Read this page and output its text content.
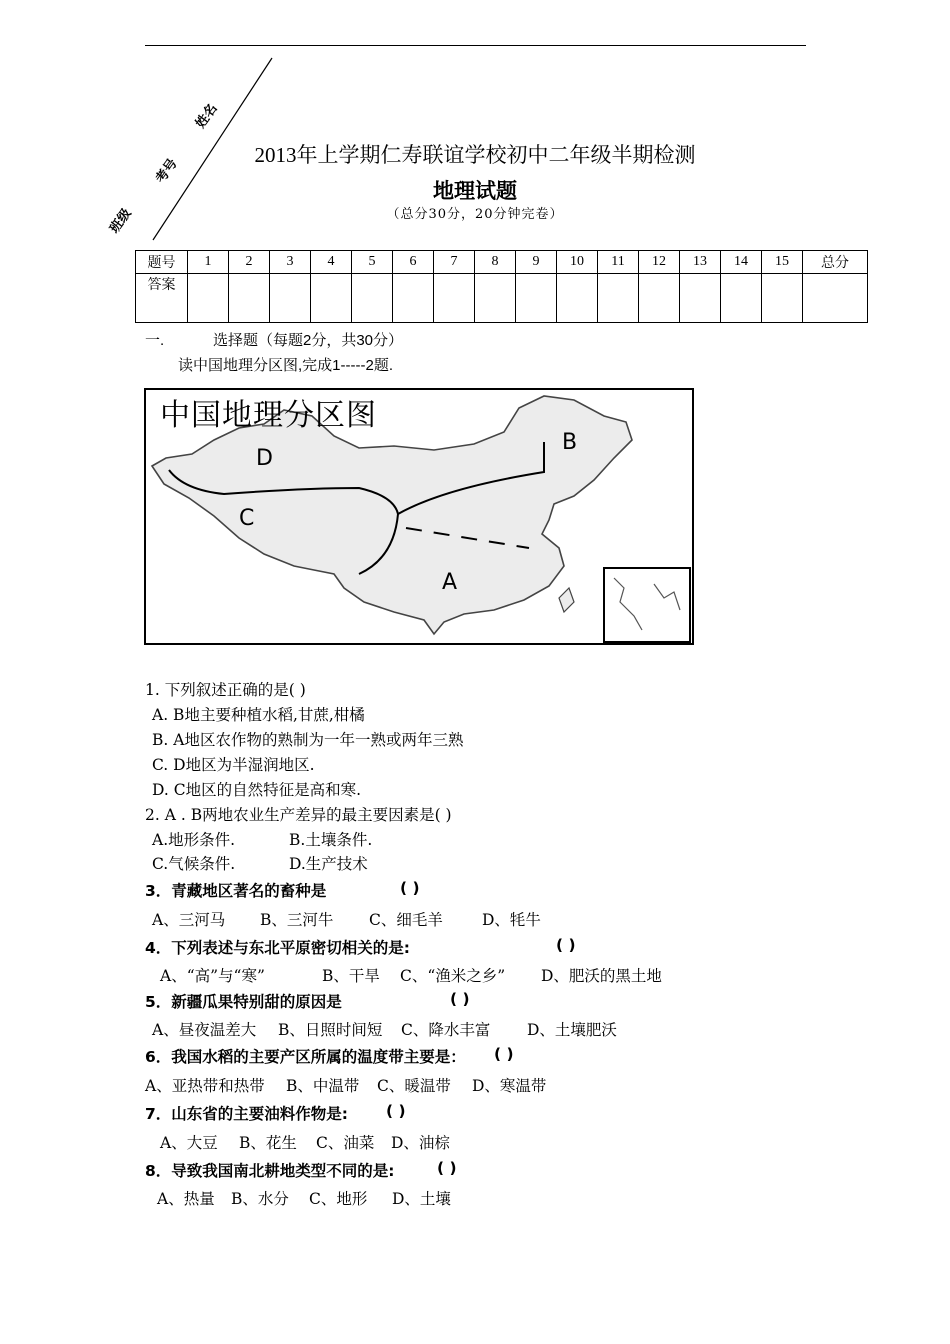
姓名
考号
班级
2013年上学期仁寿联谊学校初中二年级半期检测
地理试题
（总分30分，20分钟完卷）
题号	1	2	3	4	5	6	7	8	9	10	11	12	13	14	15	总分
答案																
一.	选择题（每题2分，共30分）
读中国地理分区图,完成1-----2题.
中国地理分区图
B
D
C
A
1. 下列叙述正确的是( )
A. B地主要种植水稻,甘蔗,柑橘
B. A地区农作物的熟制为一年一熟或两年三熟
C. D地区为半湿润地区.
D. C地区的自然特征是高和寒.
2. A . B两地农业生产差异的最主要因素是( )
A.地形条件.	B.土壤条件.
C.气候条件.	D.生产技术
3．青藏地区著名的畜种是	( )
A、三河马 B、三河牛 C、细毛羊	D、牦牛
4．下列表述与东北平原密切相关的是:	( )
A、“高”与“寒”	B、干旱 C、“渔米之乡” D、肥沃的黑土地
5．新疆瓜果特别甜的原因是	( )
A、昼夜温差大 B、日照时间短 C、降水丰富 D、土壤肥沃
6．我国水稻的主要产区所属的温度带主要是： ( )
A、亚热带和热带 B、中温带 C、暖温带 D、寒温带
7．山东省的主要油料作物是: ( )
A、大豆 B、花生 C、油菜 D、油棕
8．导致我国南北耕地类型不同的是:	( )
A、热量 B、水分 C、地形 D、土壤
